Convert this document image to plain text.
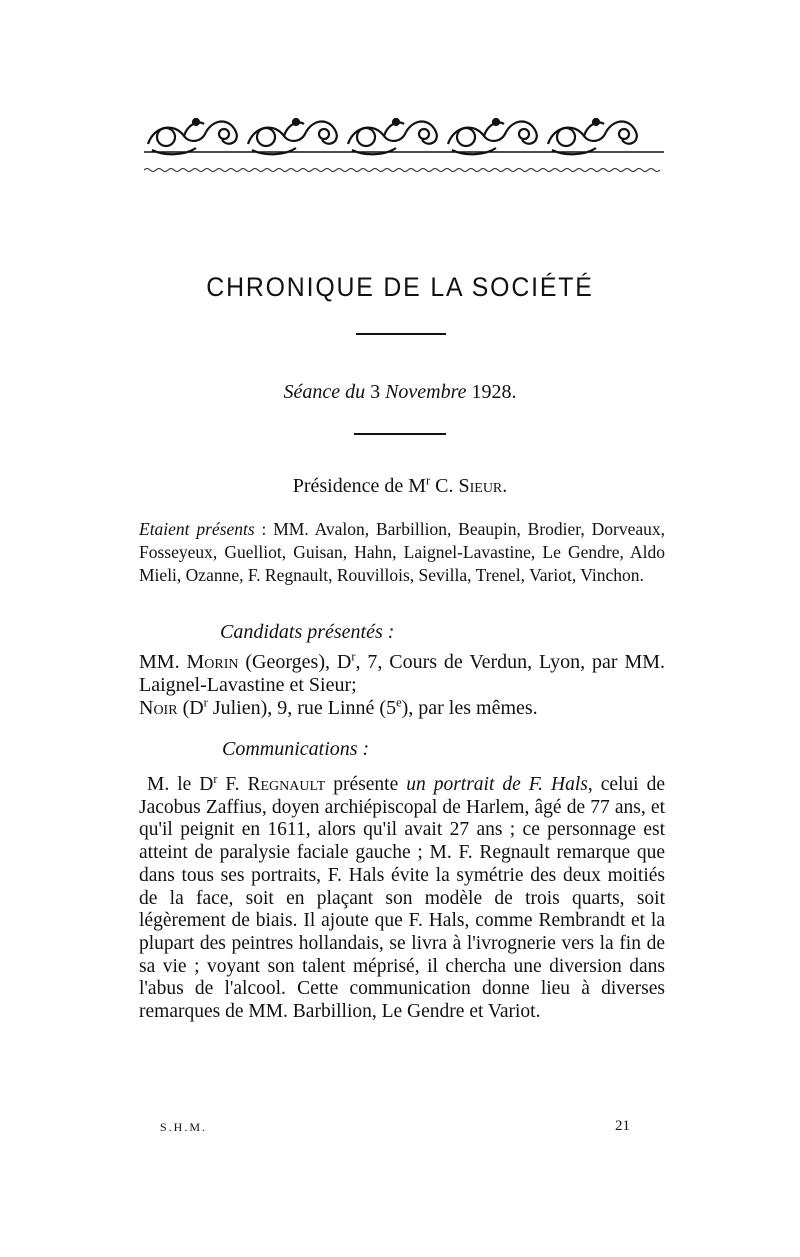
CHRONIQUE DE LA SOCIÉTÉ
Séance du 3 Novembre 1928.
Présidence de $M^r$ C. Sieur.
Etaient présents : MM. Avalon, Barbillion, Beaupin, Brodier, Dorveaux, Fosseyeux, Guelliot, Guisan, Hahn, Laignel-Lavastine, Le Gendre, Aldo Mieli, Ozanne, F. Regnault, Rouvillois, Sevilla, Trenel, Variot, Vinchon.
Candidats présentés :
MM. Morin (Georges), $D^r$, 7, Cours de Verdun, Lyon, par MM. Laignel-Lavastine et Sieur;
Noir ($D^r$ Julien), 9, rue Linné (5e), par les mêmes.
Communications :
M. le $D^r$ F. Regnault présente un portrait de F. Hals, celui de Jacobus Zaffius, doyen archiépiscopal de Harlem, âgé de 77 ans, et qu'il peignit en 1611, alors qu'il avait 27 ans ; ce personnage est atteint de paralysie faciale gauche ; M. F. Regnault remarque que dans tous ses portraits, F. Hals évite la symétrie des deux moitiés de la face, soit en plaçant son modèle de trois quarts, soit légèrement de biais. Il ajoute que F. Hals, comme Rembrandt et la plupart des peintres hollandais, se livra à l'ivrognerie vers la fin de sa vie ; voyant son talent méprisé, il chercha une diversion dans l'abus de l'alcool. Cette communication donne lieu à diverses remarques de MM. Barbillion, Le Gendre et Variot.
S.H.M.	21
